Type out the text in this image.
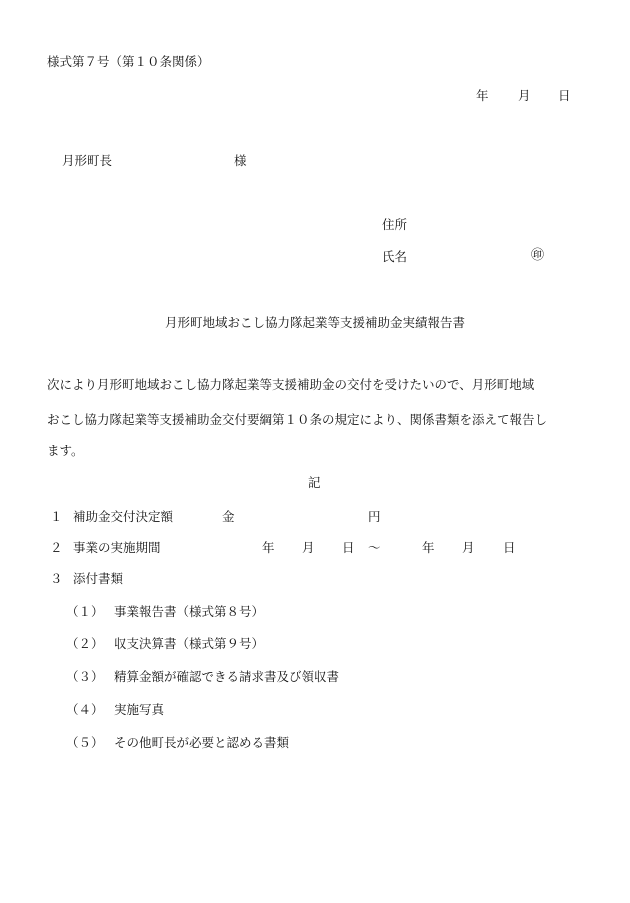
様式第７号（第１０条関係）
年 月 日
月形町長	様
住所
氏名	㊞
月形町地域おこし協力隊起業等支援補助金実績報告書
次により月形町地域おこし協力隊起業等支援補助金の交付を受けたいので、月形町地域
おこし協力隊起業等支援補助金交付要綱第１０条の規定により、関係書類を添えて報告し
ます。
記
１ 補助金交付決定額	金	円
２ 事業の実施期間	年 月 日 ～	年 月 日
３ 添付書類
（１） 事業報告書（様式第８号）
（２） 収支決算書（様式第９号）
（３） 精算金額が確認できる請求書及び領収書
（４） 実施写真
（５） その他町長が必要と認める書類
